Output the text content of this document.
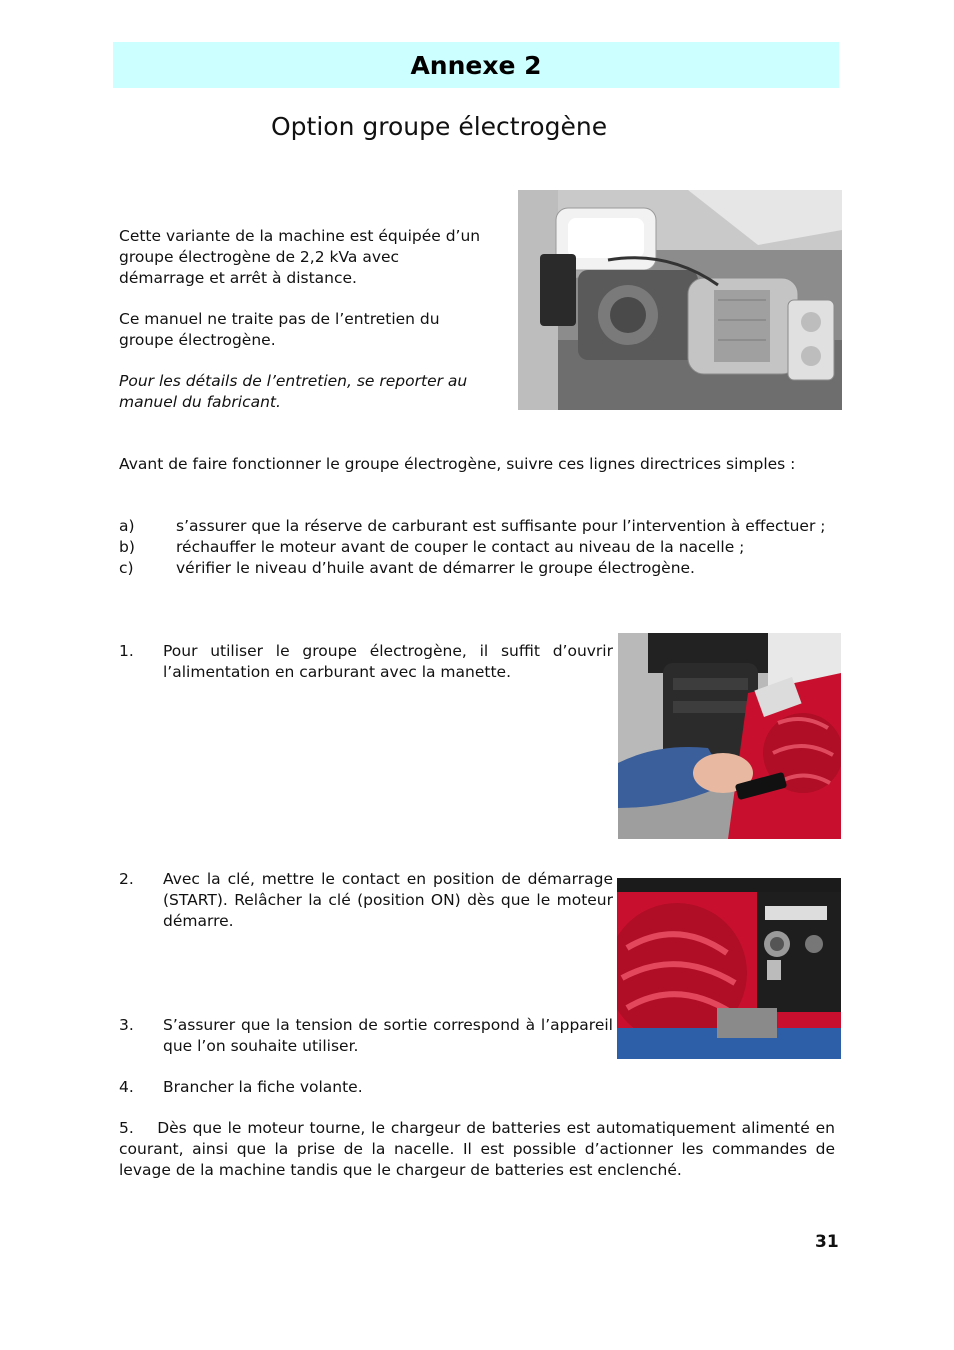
Annexe 2
Option groupe électrogène
Cette variante de la machine est équipée d’un
groupe électrogène de 2,2 kVa avec
démarrage et arrêt à distance.
Ce manuel ne traite pas de l’entretien du
groupe électrogène.
Pour les détails de l’entretien, se reporter au
manuel du fabricant.
Avant de faire fonctionner le groupe électrogène, suivre ces lignes directrices simples :
a)	s’assurer que la réserve de carburant est suffisante pour l’intervention à effectuer ;
b)	réchauffer le moteur avant de couper le contact au niveau de la nacelle ;
c)	vérifier le niveau d’huile avant de démarrer le groupe électrogène.
1.	Pour utiliser le groupe électrogène, il suffit d’ouvrir l’alimentation en carburant avec la manette.
2.	Avec la clé, mettre le contact en position de démarrage (START). Relâcher la clé (position ON) dès que le moteur démarre.
3.	S’assurer que la tension de sortie correspond à l’appareil que l’on souhaite utiliser.
4.	Brancher la fiche volante.
5. Dès que le moteur tourne, le chargeur de batteries est automatiquement alimenté en courant, ainsi que la prise de la nacelle. Il est possible d’actionner les commandes de levage de la machine tandis que le chargeur de batteries est enclenché.
31
